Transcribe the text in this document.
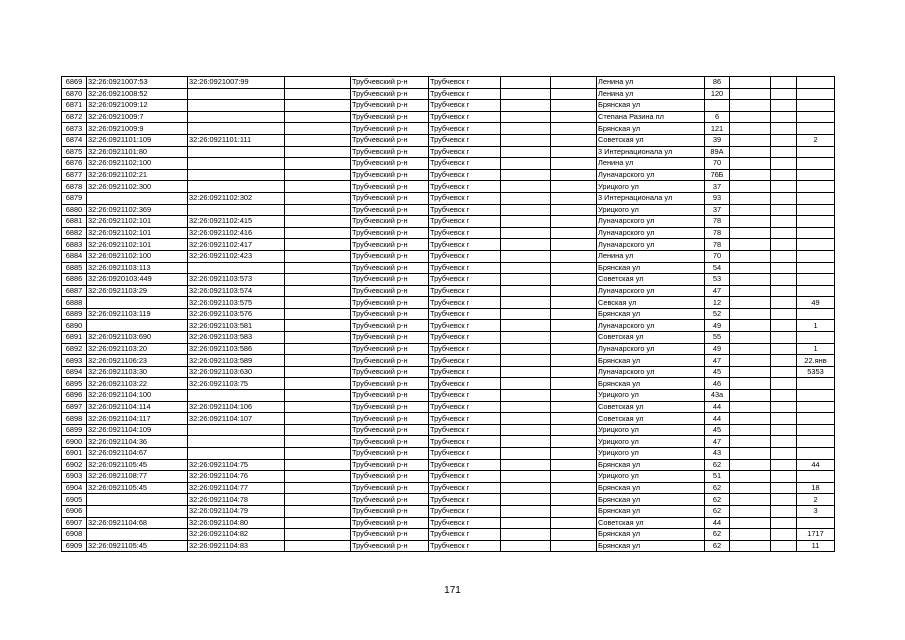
6869	32:26:0921007:53	32:26:0921007:99		Трубчевский р-н	Трубчевск г			Ленина ул	86			
6870	32:26:0921008:52			Трубчевский р-н	Трубчевск г			Ленина ул	120			
6871	32:26:0921009:12			Трубчевский р-н	Трубчевск г			Брянская ул				
6872	32:26:0921009:7			Трубчевский р-н	Трубчевск г			Степана Разина пл	6			
6873	32:26:0921009:9			Трубчевский р-н	Трубчевск г			Брянская ул	121			
6874	32:26:0921101:109	32:26:0921101:111		Трубчевский р-н	Трубчевск г			Советская ул	39			2
6875	32:26:0921101:80			Трубчевский р-н	Трубчевск г			3 Интернационала ул	89А			
6876	32:26:0921102:100			Трубчевский р-н	Трубчевск г			Ленина ул	70			
6877	32:26:0921102:21			Трубчевский р-н	Трубчевск г			Луначарского ул	76Б			
6878	32:26:0921102:300			Трубчевский р-н	Трубчевск г			Урицкого ул	37			
6879		32:26:0921102:302		Трубчевский р-н	Трубчевск г			3 Интернационала ул	93			
6880	32:26:0921102:369			Трубчевский р-н	Трубчевск г			Урицкого ул	37			
6881	32:26:0921102:101	32:26:0921102:415		Трубчевский р-н	Трубчевск г			Луначарского ул	78			
6882	32:26:0921102:101	32:26:0921102:416		Трубчевский р-н	Трубчевск г			Луначарского ул	78			
6883	32:26:0921102:101	32:26:0921102:417		Трубчевский р-н	Трубчевск г			Луначарского ул	78			
6884	32:26:0921102:100	32:26:0921102:423		Трубчевский р-н	Трубчевск г			Ленина ул	70			
6885	32:26:0921103:113			Трубчевский р-н	Трубчевск г			Брянская ул	54			
6886	32:26:0920103:449	32:26:0921103:573		Трубчевский р-н	Трубчевск г			Советская ул	53			
6887	32:26:0921103:29	32:26:0921103:574		Трубчевский р-н	Трубчевск г			Луначарского ул	47			
6888		32:26:0921103:575		Трубчевский р-н	Трубчевск г			Севская ул	12			49
6889	32:26:0921103:119	32:26:0921103:576		Трубчевский р-н	Трубчевск г			Брянская ул	52			
6890		32:26:0921103:581		Трубчевский р-н	Трубчевск г			Луначарского ул	49			1
6891	32:26:0921103:690	32:26:0921103:583		Трубчевский р-н	Трубчевск г			Советская ул	55			
6892	32:26:0921103:20	32:26:0921103:586		Трубчевский р-н	Трубчевск г			Луначарского ул	49			1
6893	32:26:0921106:23	32:26:0921103:589		Трубчевский р-н	Трубчевск г			Брянская ул	47			22.янв
6894	32:26:0921103:30	32:26:0921103:630		Трубчевский р-н	Трубчевск г			Луначарского ул	45			5353
6895	32:26:0921103:22	32:26:0921103:75		Трубчевский р-н	Трубчевск г			Брянская ул	46			
6896	32:26:0921104:100			Трубчевский р-н	Трубчевск г			Урицкого ул	43а			
6897	32:26:0921104:114	32:26:0921104:106		Трубчевский р-н	Трубчевск г			Советская ул	44			
6898	32:26:0921104:117	32:26:0921104:107		Трубчевский р-н	Трубчевск г			Советская ул	44			
6899	32:26:0921104:109			Трубчевский р-н	Трубчевск г			Урицкого ул	45			
6900	32:26:0921104:36			Трубчевский р-н	Трубчевск г			Урицкого ул	47			
6901	32:26:0921104:67			Трубчевский р-н	Трубчевск г			Урицкого ул	43			
6902	32:26:0921105:45	32:26:0921104:75		Трубчевский р-н	Трубчевск г			Брянская ул	62			44
6903	32:26:0921108:77	32:26:0921104:76		Трубчевский р-н	Трубчевск г			Урицкого ул	51			
6904	32:26:0921105:45	32:26:0921104:77		Трубчевский р-н	Трубчевск г			Брянская ул	62			18
6905		32:26:0921104:78		Трубчевский р-н	Трубчевск г			Брянская ул	62			2
6906		32:26:0921104:79		Трубчевский р-н	Трубчевск г			Брянская ул	62			3
6907	32:26:0921104:68	32:26:0921104:80		Трубчевский р-н	Трубчевск г			Советская ул	44			
6908		32:26:0921104:82		Трубчевский р-н	Трубчевск г			Брянская ул	62			1717
6909	32:26:0921105:45	32:26:0921104:83		Трубчевский р-н	Трубчевск г			Брянская ул	62			11
171
